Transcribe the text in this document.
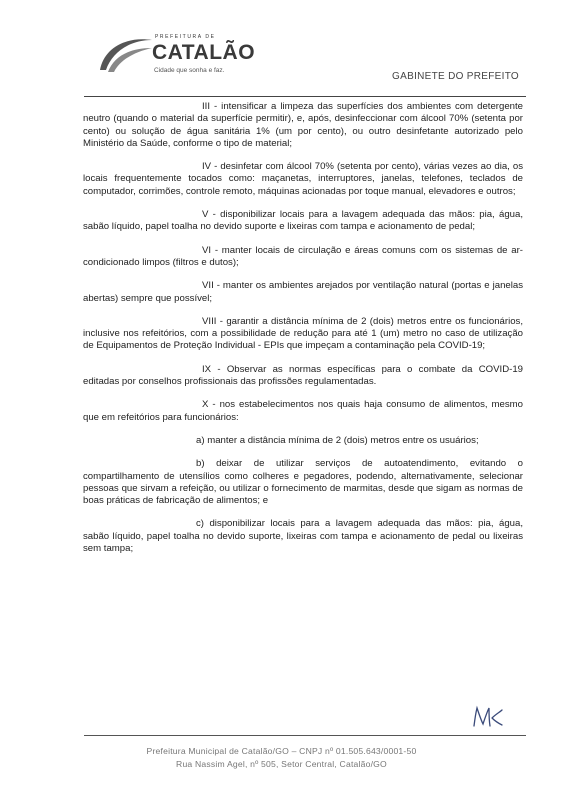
PREFEITURA DE
CATALÃO
Cidade que sonha e faz.
GABINETE DO PREFEITO

III - intensificar a limpeza das superfícies dos ambientes com detergente neutro (quando o material da superfície permitir), e, após, desinfeccionar com álcool 70% (setenta por cento) ou solução de água sanitária 1% (um por cento), ou outro desinfetante autorizado pelo Ministério da Saúde, conforme o tipo de material;

IV - desinfetar com álcool 70% (setenta por cento), várias vezes ao dia, os locais frequentemente tocados como: maçanetas, interruptores, janelas, telefones, teclados de computador, corrimões, controle remoto, máquinas acionadas por toque manual, elevadores e outros;

V - disponibilizar locais para a lavagem adequada das mãos: pia, água, sabão líquido, papel toalha no devido suporte e lixeiras com tampa e acionamento de pedal;

VI - manter locais de circulação e áreas comuns com os sistemas de ar-condicionado limpos (filtros e dutos);

VII - manter os ambientes arejados por ventilação natural (portas e janelas abertas) sempre que possível;

VIII - garantir a distância mínima de 2 (dois) metros entre os funcionários, inclusive nos refeitórios, com a possibilidade de redução para até 1 (um) metro no caso de utilização de Equipamentos de Proteção Individual - EPIs que impeçam a contaminação pela COVID-19;

IX - Observar as normas específicas para o combate da COVID-19 editadas por conselhos profissionais das profissões regulamentadas.

X - nos estabelecimentos nos quais haja consumo de alimentos, mesmo que em refeitórios para funcionários:

a) manter a distância mínima de 2 (dois) metros entre os usuários;

b) deixar de utilizar serviços de autoatendimento, evitando o compartilhamento de utensílios como colheres e pegadores, podendo, alternativamente, selecionar pessoas que sirvam a refeição, ou utilizar o fornecimento de marmitas, desde que sigam as normas de boas práticas de fabricação de alimentos; e

c) disponibilizar locais para a lavagem adequada das mãos: pia, água, sabão líquido, papel toalha no devido suporte, lixeiras com tampa e acionamento de pedal ou lixeiras sem tampa;

Prefeitura Municipal de Catalão/GO – CNPJ nº 01.505.643/0001-50
Rua Nassim Agel, nº 505, Setor Central, Catalão/GO
